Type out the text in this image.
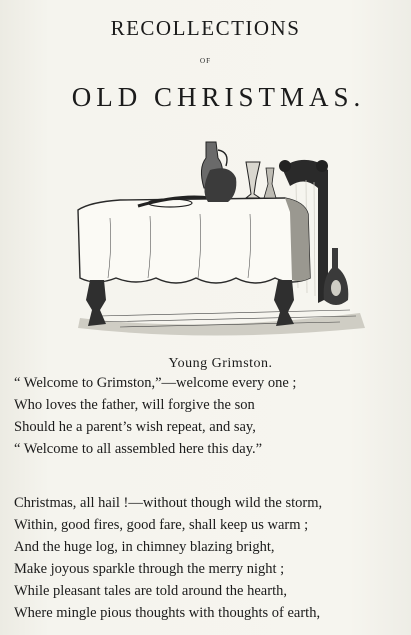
RECOLLECTIONS
OF
OLD CHRISTMAS.
Young Grimston.
“ Welcome to Grimston,”—welcome every one ;
Who loves the father, will forgive the son
Should he a parent’s wish repeat, and say,
“ Welcome to all assembled here this day.”
Christmas, all hail !—without though wild the storm,
Within, good fires, good fare, shall keep us warm ;
And the huge log, in chimney blazing bright,
Make joyous sparkle through the merry night ;
While pleasant tales are told around the hearth,
Where mingle pious thoughts with thoughts of earth,
